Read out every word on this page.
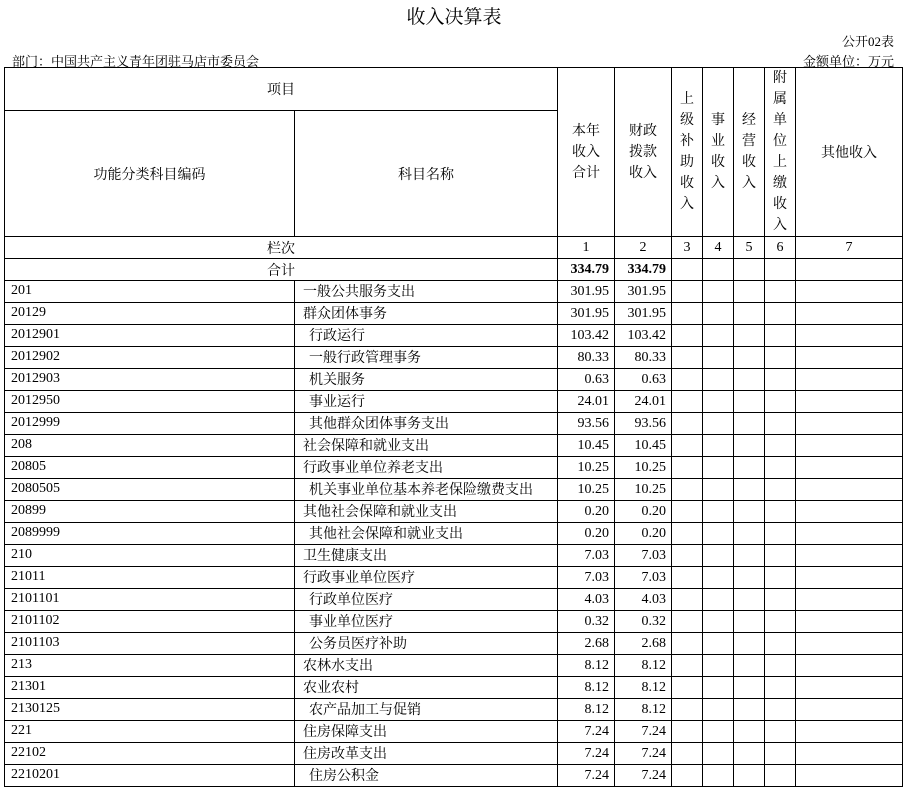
收入决算表
公开02表
部门：中国共产主义青年团驻马店市委员会	金额单位：万元
项目		本年收入合计	财政拨款收入	上级补助收入	事业收入	经营收入	附属单位上缴收入	其他收入
功能分类科目编码	科目名称							
栏次		1	2	3	4	5	6	7
合计		334.79	334.79					
201	一般公共服务支出	301.95	301.95					
20129	群众团体事务	301.95	301.95					
2012901	行政运行	103.42	103.42					
2012902	一般行政管理事务	80.33	80.33					
2012903	机关服务	0.63	0.63					
2012950	事业运行	24.01	24.01					
2012999	其他群众团体事务支出	93.56	93.56					
208	社会保障和就业支出	10.45	10.45					
20805	行政事业单位养老支出	10.25	10.25					
2080505	机关事业单位基本养老保险缴费支出	10.25	10.25					
20899	其他社会保障和就业支出	0.20	0.20					
2089999	其他社会保障和就业支出	0.20	0.20					
210	卫生健康支出	7.03	7.03					
21011	行政事业单位医疗	7.03	7.03					
2101101	行政单位医疗	4.03	4.03					
2101102	事业单位医疗	0.32	0.32					
2101103	公务员医疗补助	2.68	2.68					
213	农林水支出	8.12	8.12					
21301	农业农村	8.12	8.12					
2130125	农产品加工与促销	8.12	8.12					
221	住房保障支出	7.24	7.24					
22102	住房改革支出	7.24	7.24					
2210201	住房公积金	7.24	7.24					
